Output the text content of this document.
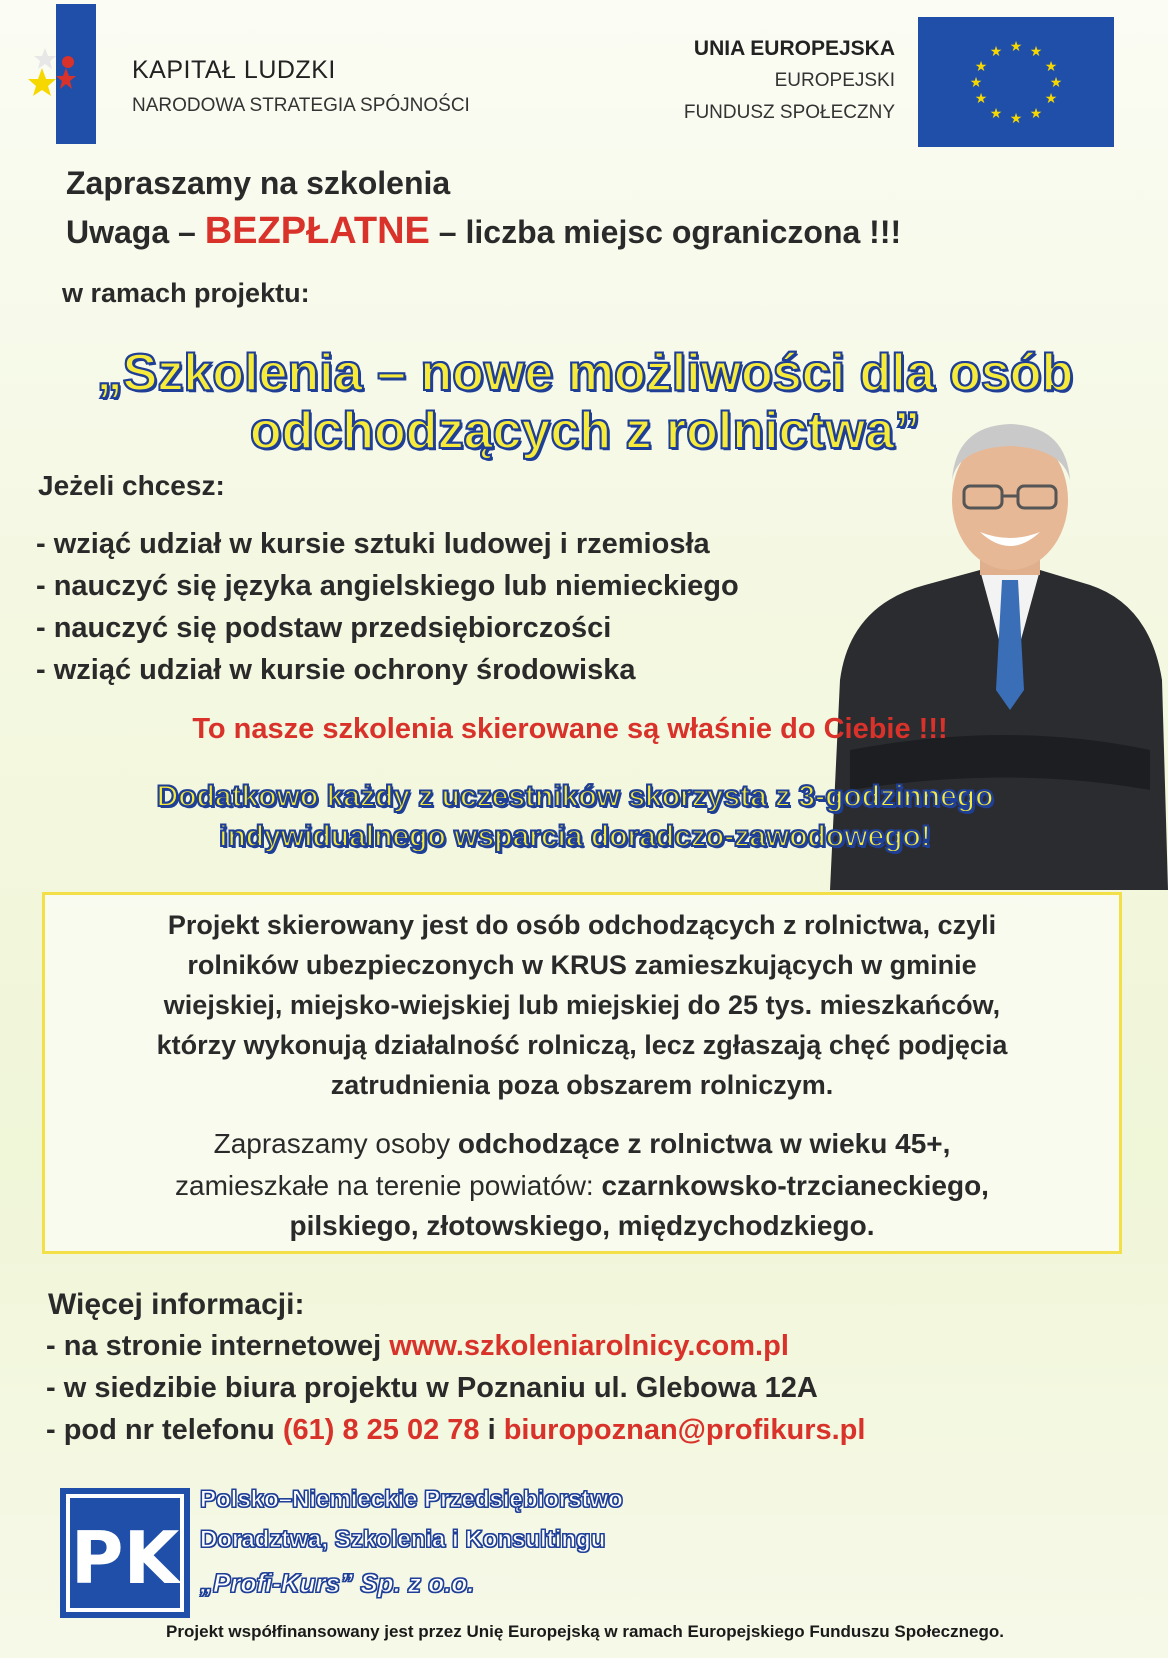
KAPITAŁ LUDZKI
NARODOWA STRATEGIA SPÓJNOŚCI
UNIA EUROPEJSKA
EUROPEJSKI
FUNDUSZ SPOŁECZNY
★ ★
★
★
★
★
★
★
★
★
★
★
Zapraszamy na szkolenia
Uwaga – BEZPŁATNE – liczba miejsc ograniczona !!!
w ramach projektu:
„Szkolenia – nowe możliwości dla osób
odchodzących z rolnictwa”
Jeżeli chcesz:
- wziąć udział w kursie sztuki ludowej i rzemiosła
- nauczyć się języka angielskiego lub niemieckiego
- nauczyć się podstaw przedsiębiorczości
- wziąć udział w kursie ochrony środowiska
To nasze szkolenia skierowane są właśnie do Ciebie !!!
Dodatkowo każdy z uczestników skorzysta z 3-godzinnego
indywidualnego wsparcia doradczo-zawodowego!
Projekt skierowany jest do osób odchodzących z rolnictwa, czyli
rolników ubezpieczonych w KRUS zamieszkujących w gminie
wiejskiej, miejsko-wiejskiej lub miejskiej do 25 tys. mieszkańców,
którzy wykonują działalność rolniczą, lecz zgłaszają chęć podjęcia
zatrudnienia poza obszarem rolniczym.
Zapraszamy osoby odchodzące z rolnictwa w wieku 45+,
zamieszkałe na terenie powiatów: czarnkowsko-trzcianeckiego,
pilskiego, złotowskiego, międzychodzkiego.
Więcej informacji:
- na stronie internetowej www.szkoleniarolnicy.com.pl
- w siedzibie biura projektu w Poznaniu ul. Glebowa 12A
- pod nr telefonu (61) 8 25 02 78 i biuropoznan@profikurs.pl
PK
Polsko–Niemieckie Przedsiębiorstwo
Doradztwa, Szkolenia i Konsultingu
„Profi-Kurs” Sp. z o.o.
Projekt współfinansowany jest przez Unię Europejską w ramach Europejskiego Funduszu Społecznego.
